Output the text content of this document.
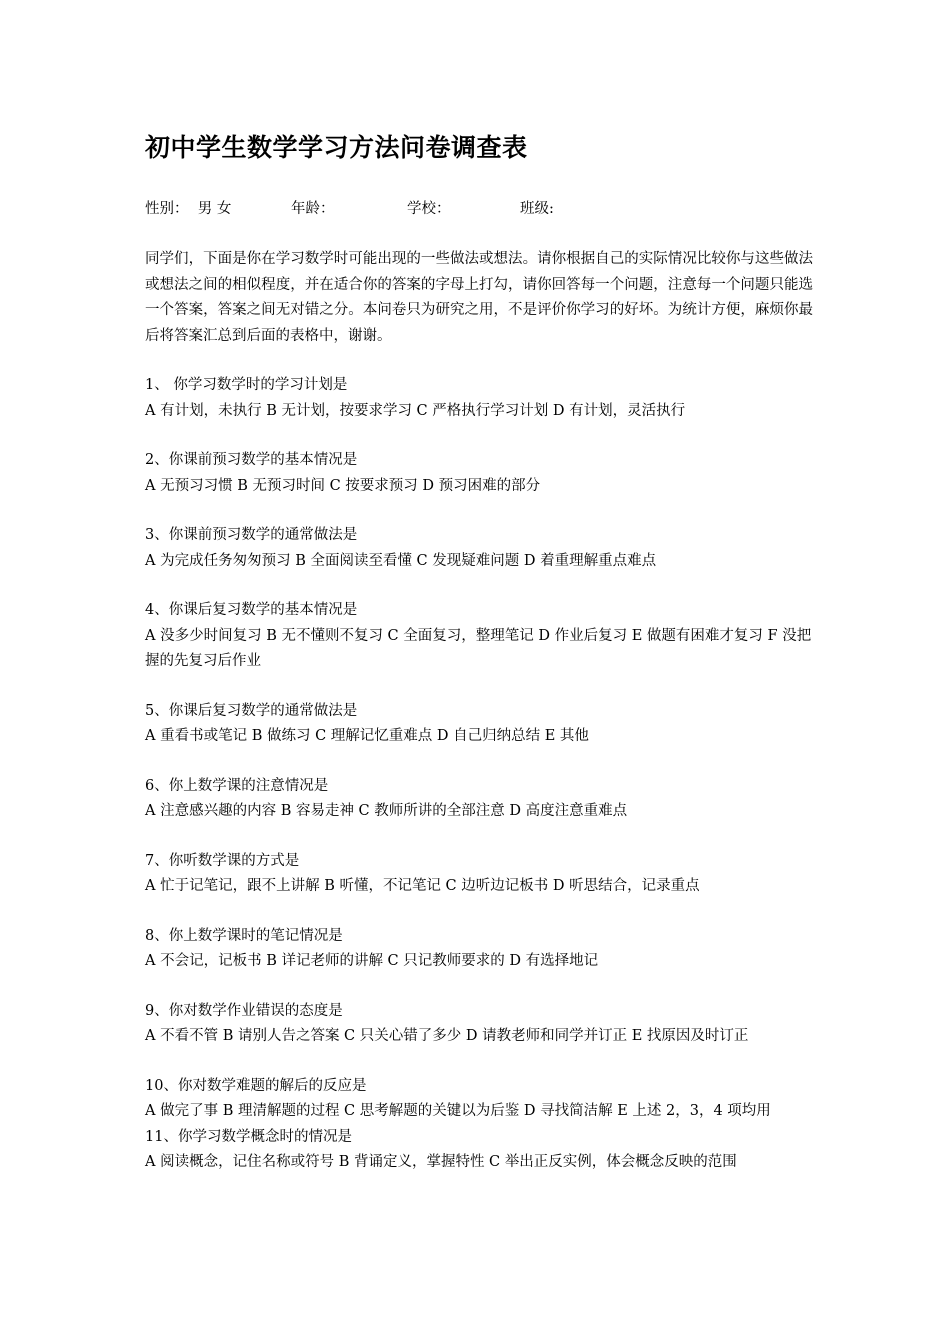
初中学生数学学习方法问卷调查表
性别：  男 女	年龄：	学校：	班级:

同学们，下面是你在学习数学时可能出现的一些做法或想法。请你根据自己的实际情况比较你与这些做法或想法之间的相似程度，并在适合你的答案的字母上打勾，请你回答每一个问题，注意每一个问题只能选一个答案，答案之间无对错之分。本问卷只为研究之用，不是评价你学习的好坏。为统计方便，麻烦你最后将答案汇总到后面的表格中，谢谢。

1、 你学习数学时的学习计划是
A 有计划，未执行 B 无计划，按要求学习 C 严格执行学习计划 D 有计划，灵活执行
2、你课前预习数学的基本情况是
A 无预习习惯 B 无预习时间 C 按要求预习 D 预习困难的部分
3、你课前预习数学的通常做法是
A 为完成任务匆匆预习 B 全面阅读至看懂 C 发现疑难问题 D 着重理解重点难点
4、你课后复习数学的基本情况是
A 没多少时间复习 B 无不懂则不复习 C 全面复习，整理笔记 D 作业后复习 E 做题有困难才复习 F 没把握的先复习后作业
5、你课后复习数学的通常做法是
A 重看书或笔记 B 做练习 C 理解记忆重难点 D 自己归纳总结 E 其他
6、你上数学课的注意情况是
A 注意感兴趣的内容 B 容易走神 C 教师所讲的全部注意 D 高度注意重难点
7、你听数学课的方式是
A 忙于记笔记，跟不上讲解 B 听懂，不记笔记 C 边听边记板书 D 听思结合，记录重点
8、你上数学课时的笔记情况是
A 不会记，记板书 B 详记老师的讲解 C 只记教师要求的 D 有选择地记
9、你对数学作业错误的态度是
A 不看不管 B 请别人告之答案 C 只关心错了多少 D 请教老师和同学并订正 E 找原因及时订正
10、你对数学难题的解后的反应是
A 做完了事 B 理清解题的过程 C 思考解题的关键以为后鉴 D 寻找简洁解 E 上述 2，3，4 项均用
11、你学习数学概念时的情况是
A 阅读概念，记住名称或符号 B 背诵定义，掌握特性 C 举出正反实例，体会概念反映的范围
